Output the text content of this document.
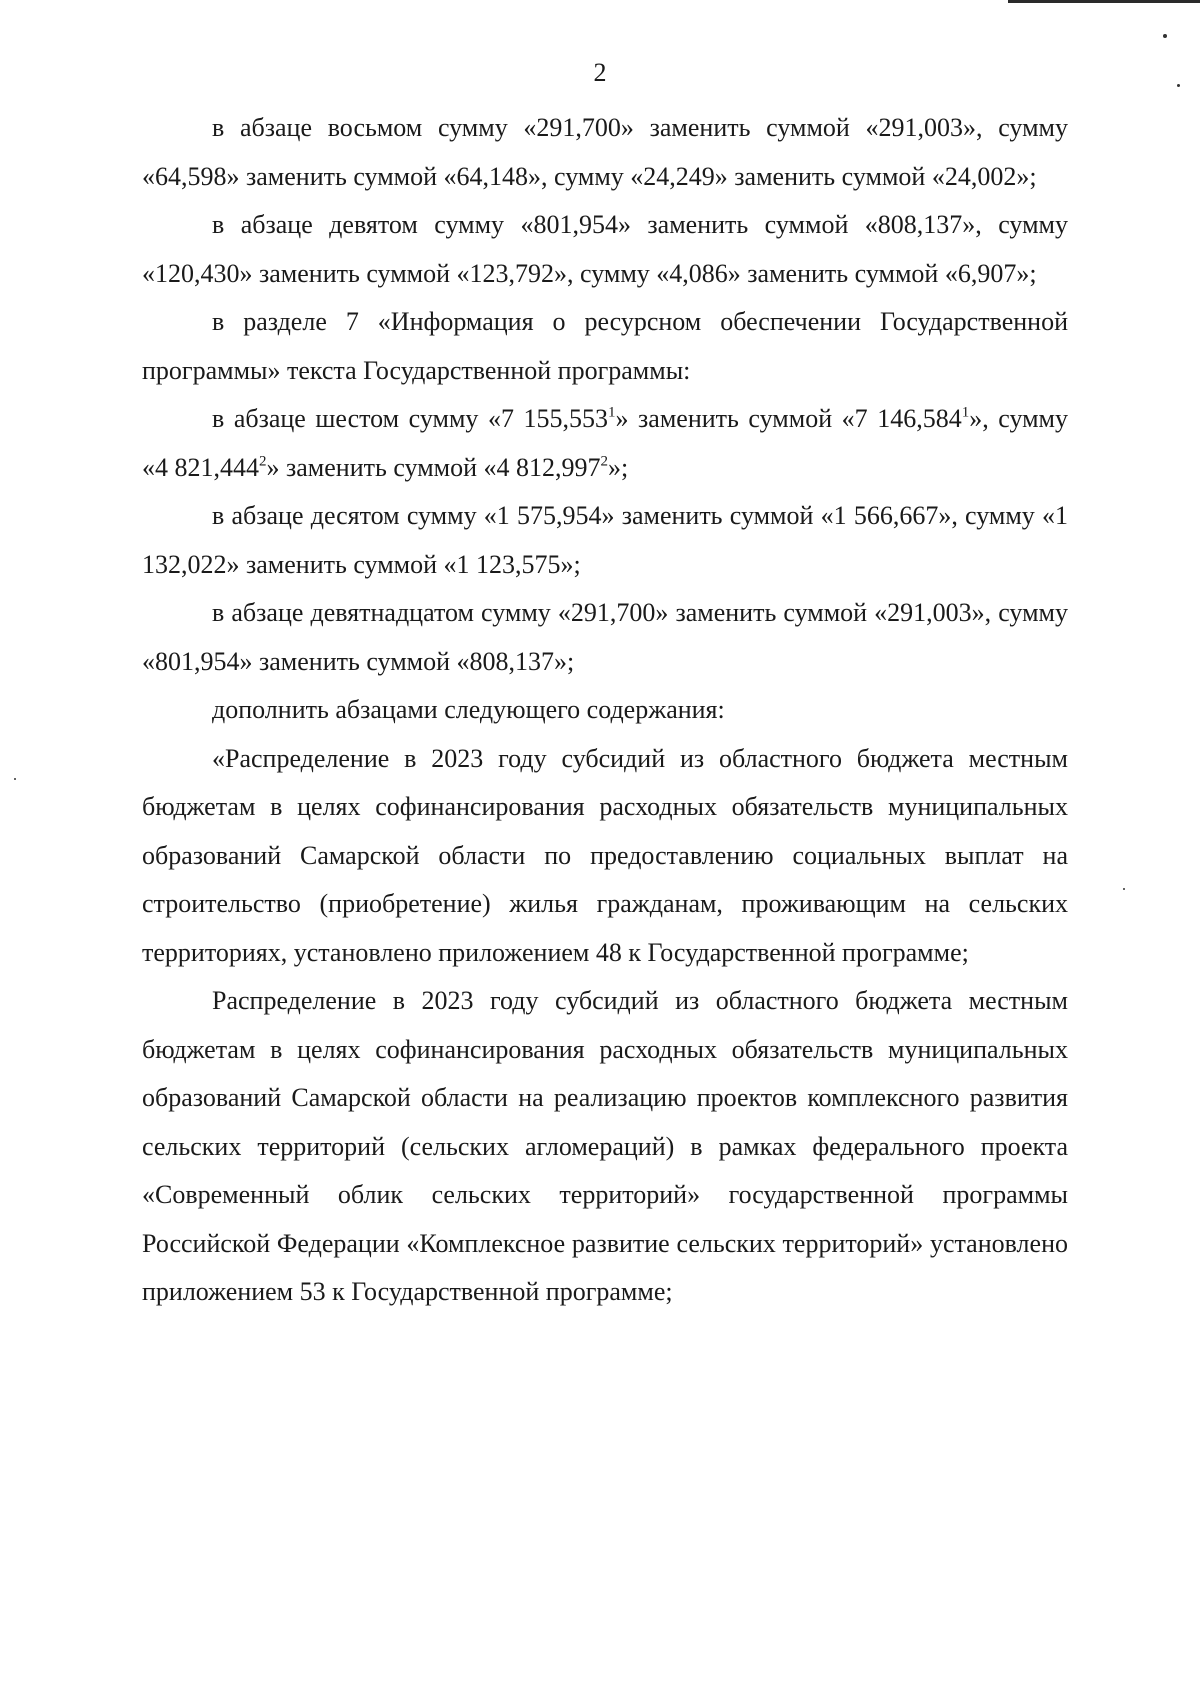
2

в абзаце восьмом сумму «291,700» заменить суммой «291,003», сумму «64,598» заменить суммой «64,148», сумму «24,249» заменить суммой «24,002»;

в абзаце девятом сумму «801,954» заменить суммой «808,137», сумму «120,430» заменить суммой «123,792», сумму «4,086» заменить суммой «6,907»;

в разделе 7 «Информация о ресурсном обеспечении Государственной программы» текста Государственной программы:

в абзаце шестом сумму «7 155,553$^1$» заменить суммой «7 146,584$^1$», сумму «4 821,444$^2$» заменить суммой «4 812,997$^2$»;

в абзаце десятом сумму «1 575,954» заменить суммой «1 566,667», сумму «1 132,022» заменить суммой «1 123,575»;

в абзаце девятнадцатом сумму «291,700» заменить суммой «291,003», сумму «801,954» заменить суммой «808,137»;

дополнить абзацами следующего содержания:

«Распределение в 2023 году субсидий из областного бюджета местным бюджетам в целях софинансирования расходных обязательств муниципальных образований Самарской области по предоставлению социальных выплат на строительство (приобретение) жилья гражданам, проживающим на сельских территориях, установлено приложением 48 к Государственной программе;

Распределение в 2023 году субсидий из областного бюджета местным бюджетам в целях софинансирования расходных обязательств муниципальных образований Самарской области на реализацию проектов комплексного развития сельских территорий (сельских агломераций) в рамках федерального проекта «Современный облик сельских территорий» государственной программы Российской Федерации «Комплексное развитие сельских территорий» установлено приложением 53 к Государственной программе;
